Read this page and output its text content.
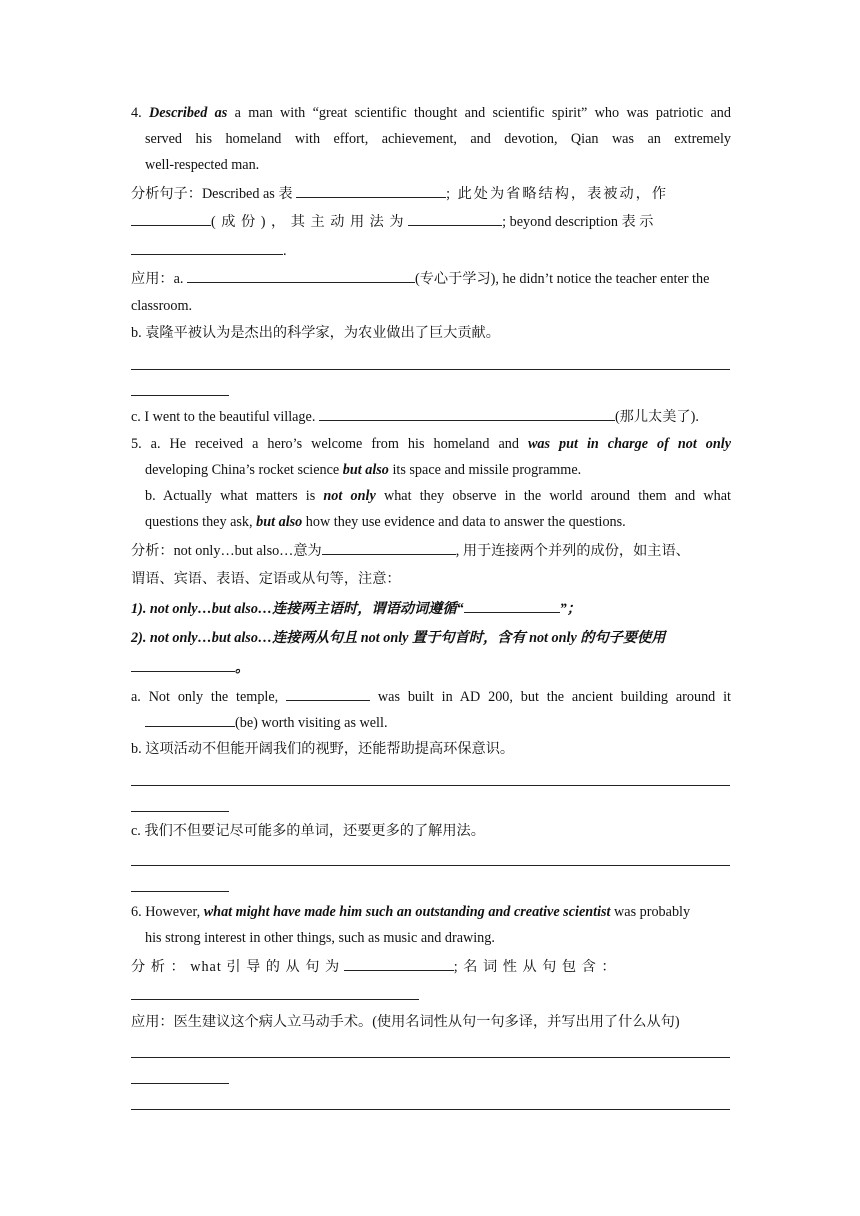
4. Described as a man with “great scientific thought and scientific spirit” who was patriotic and
served his homeland with effort, achievement, and devotion, Qian was an extremely
well-respected man.
分析句子：Described as 表	; 此处为省略结构，表被动，作
( 成 份 ) ， 其 主 动 用 法 为	; beyond description 表 示
.
应用：a.	(专心于学习), he didn’t notice the teacher enter the
classroom.
b. 袁隆平被认为是杰出的科学家，为农业做出了巨大贡献。
c. I went to the beautiful village.	(那儿太美了).
5. a. He received a hero’s welcome from his homeland and was put in charge of not only
developing China’s rocket science but also its space and missile programme.
b. Actually what matters is not only what they observe in the world around them and what
questions they ask, but also how they use evidence and data to answer the questions.
分析：not only…but also…意为	, 用于连接两个并列的成份，如主语、
谓语、宾语、表语、定语或从句等，注意：
1). not only…but also…连接两主语时，谓语动词遵循“	”；
2). not only…but also…连接两从句且 not only 置于句首时，含有 not only 的句子要使用
。
a. Not only the temple,	was built in AD 200, but the ancient building around it
(be) worth visiting as well.
b. 这项活动不但能开阔我们的视野，还能帮助提高环保意识。
c. 我们不但要记尽可能多的单词，还要更多的了解用法。
6. However, what might have made him such an outstanding and creative scientist was probably
his strong interest in other things, such as music and drawing.
分 析 ： what 引 导 的 从 句 为	; 名 词 性 从 句 包 含 ：
应用：医生建议这个病人立马动手术。(使用名词性从句一句多译，并写出用了什么从句)
